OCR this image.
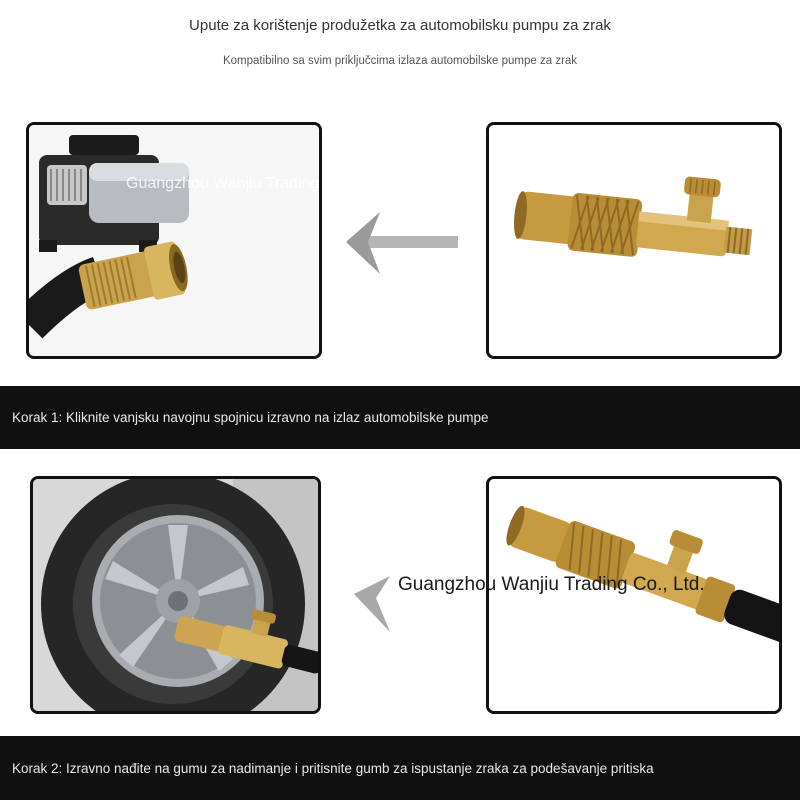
Upute za korištenje produžetka za automobilsku pumpu za zrak
Kompatibilno sa svim priključcima izlaza automobilske pumpe za zrak
Guangzhou Wanjiu Trading Co., Ltd.
Korak 1: Kliknite vanjsku navojnu spojnicu izravno na izlaz automobilske pumpe
Guangzhou Wanjiu Trading Co., Ltd.
Korak 2: Izravno nađite na gumu za nadimanje i pritisnite gumb za ispustanje zraka za podešavanje pritiska
